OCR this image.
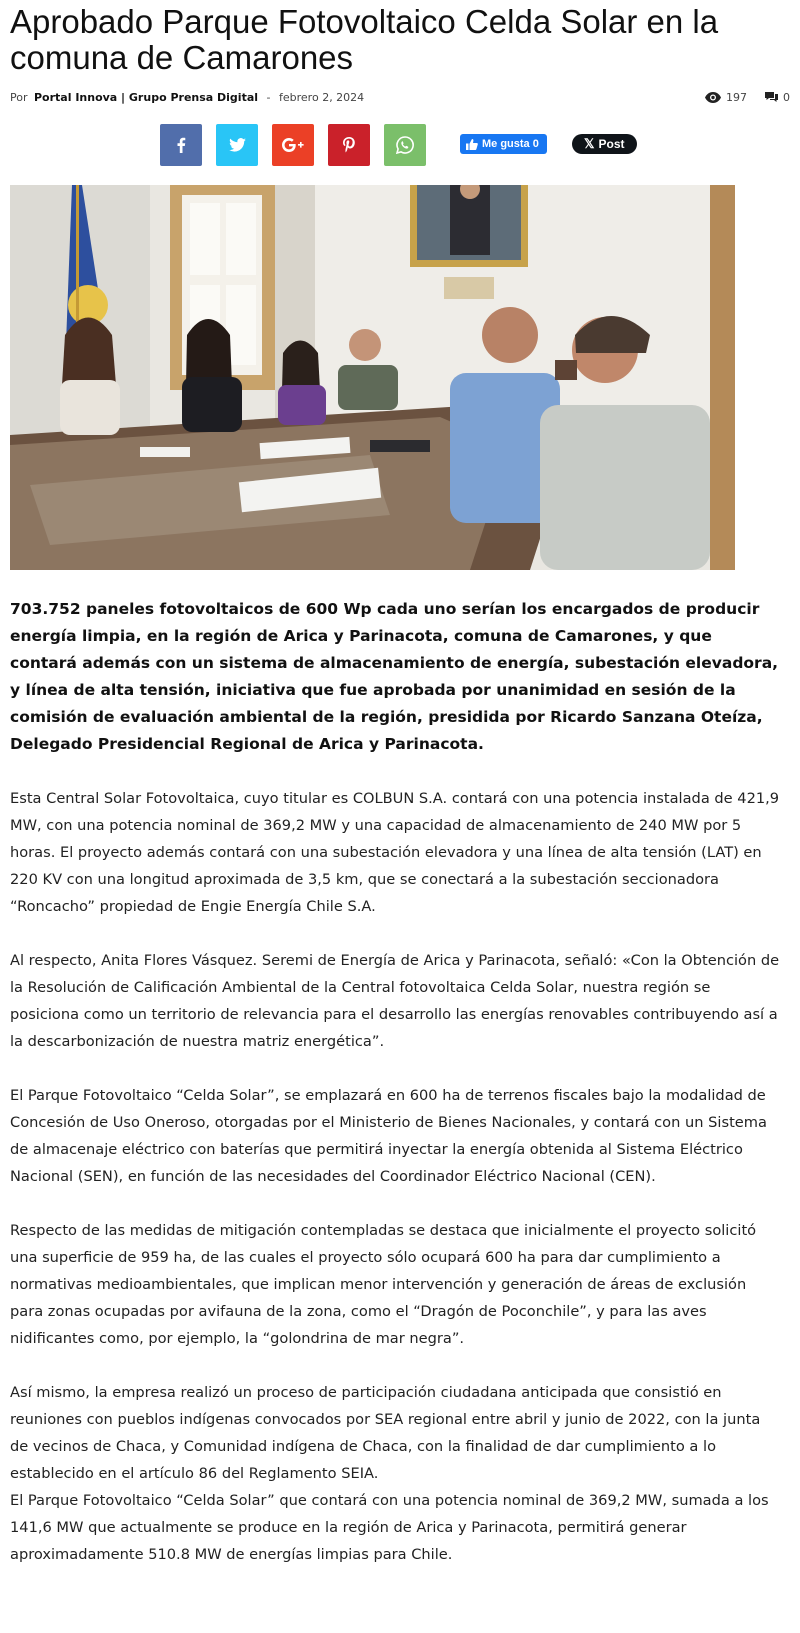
Aprobado Parque Fotovoltaico Celda Solar en la comuna de Camarones
Por Portal Innova | Grupo Prensa Digital - febrero 2, 2024	197	0
Me gusta 0	𝕏 Post

703.752 paneles fotovoltaicos de 600 Wp cada uno serían los encargados de producir energía limpia, en la región de Arica y Parinacota, comuna de Camarones, y que contará además con un sistema de almacenamiento de energía, subestación elevadora, y línea de alta tensión, iniciativa que fue aprobada por unanimidad en sesión de la comisión de evaluación ambiental de la región, presidida por Ricardo Sanzana Oteíza, Delegado Presidencial Regional de Arica y Parinacota.

Esta Central Solar Fotovoltaica, cuyo titular es COLBUN S.A. contará con una potencia instalada de 421,9 MW, con una potencia nominal de 369,2 MW y una capacidad de almacenamiento de 240 MW por 5 horas. El proyecto además contará con una subestación elevadora y una línea de alta tensión (LAT) en 220 KV con una longitud aproximada de 3,5 km, que se conectará a la subestación seccionadora “Roncacho” propiedad de Engie Energía Chile S.A.

Al respecto, Anita Flores Vásquez. Seremi de Energía de Arica y Parinacota, señaló: «Con la Obtención de la Resolución de Calificación Ambiental de la Central fotovoltaica Celda Solar, nuestra región se posiciona como un territorio de relevancia para el desarrollo las energías renovables contribuyendo así a la descarbonización de nuestra matriz energética”.

El Parque Fotovoltaico “Celda Solar”, se emplazará en 600 ha de terrenos fiscales bajo la modalidad de Concesión de Uso Oneroso, otorgadas por el Ministerio de Bienes Nacionales, y contará con un Sistema de almacenaje eléctrico con baterías que permitirá inyectar la energía obtenida al Sistema Eléctrico Nacional (SEN), en función de las necesidades del Coordinador Eléctrico Nacional (CEN).

Respecto de las medidas de mitigación contempladas se destaca que inicialmente el proyecto solicitó una superficie de 959 ha, de las cuales el proyecto sólo ocupará 600 ha para dar cumplimiento a normativas medioambientales, que implican menor intervención y generación de áreas de exclusión para zonas ocupadas por avifauna de la zona, como el “Dragón de Poconchile”, y para las aves nidificantes como, por ejemplo, la “golondrina de mar negra”.

Así mismo, la empresa realizó un proceso de participación ciudadana anticipada que consistió en reuniones con pueblos indígenas convocados por SEA regional entre abril y junio de 2022, con la junta de vecinos de Chaca, y Comunidad indígena de Chaca, con la finalidad de dar cumplimiento a lo establecido en el artículo 86 del Reglamento SEIA.

El Parque Fotovoltaico “Celda Solar” que contará con una potencia nominal de 369,2 MW, sumada a los 141,6 MW que actualmente se produce en la región de Arica y Parinacota, permitirá generar aproximadamente 510.8 MW de energías limpias para Chile.
